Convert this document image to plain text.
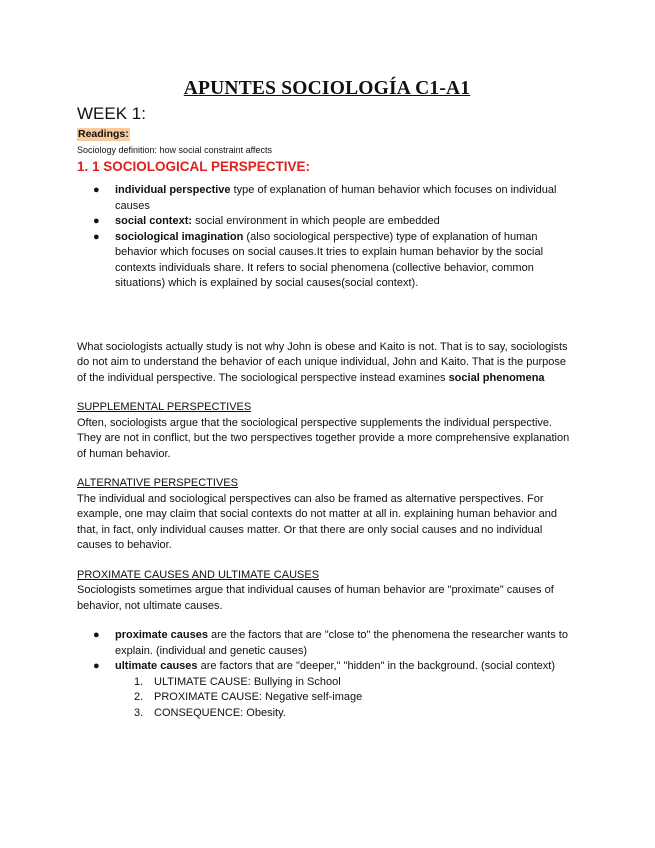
APUNTES SOCIOLOGÍA C1-A1
WEEK 1:
Readings:
Sociology definition: how social constraint affects
1. 1 SOCIOLOGICAL PERSPECTIVE:
● individual perspective type of explanation of human behavior which focuses on individual causes
● social context: social environment in which people are embedded
● sociological imagination (also sociological perspective) type of explanation of human behavior which focuses on social causes.It tries to explain human behavior by the social contexts individuals share. It refers to social phenomena (collective behavior, common situations) which is explained by social causes(social context).

What sociologists actually study is not why John is obese and Kaito is not. That is to say, sociologists do not aim to understand the behavior of each unique individual, John and Kaito. That is the purpose of the individual perspective. The sociological perspective instead examines social phenomena

SUPPLEMENTAL PERSPECTIVES

Often, sociologists argue that the sociological perspective supplements the individual perspective. They are not in conflict, but the two perspectives together provide a more comprehensive explanation of human behavior.

ALTERNATIVE PERSPECTIVES

The individual and sociological perspectives can also be framed as alternative perspectives. For example, one may claim that social contexts do not matter at all in. explaining human behavior and that, in fact, only individual causes matter. Or that there are only social causes and no individual causes to behavior.

PROXIMATE CAUSES AND ULTIMATE CAUSES

Sociologists sometimes argue that individual causes of human behavior are "proximate" causes of behavior, not ultimate causes.

● proximate causes are the factors that are "close to" the phenomena the researcher wants to explain. (individual and genetic causes)
● ultimate causes are factors that are "deeper," "hidden" in the background. (social context)
1. ULTIMATE CAUSE: Bullying in School
2. PROXIMATE CAUSE: Negative self-image
3. CONSEQUENCE: Obesity.
